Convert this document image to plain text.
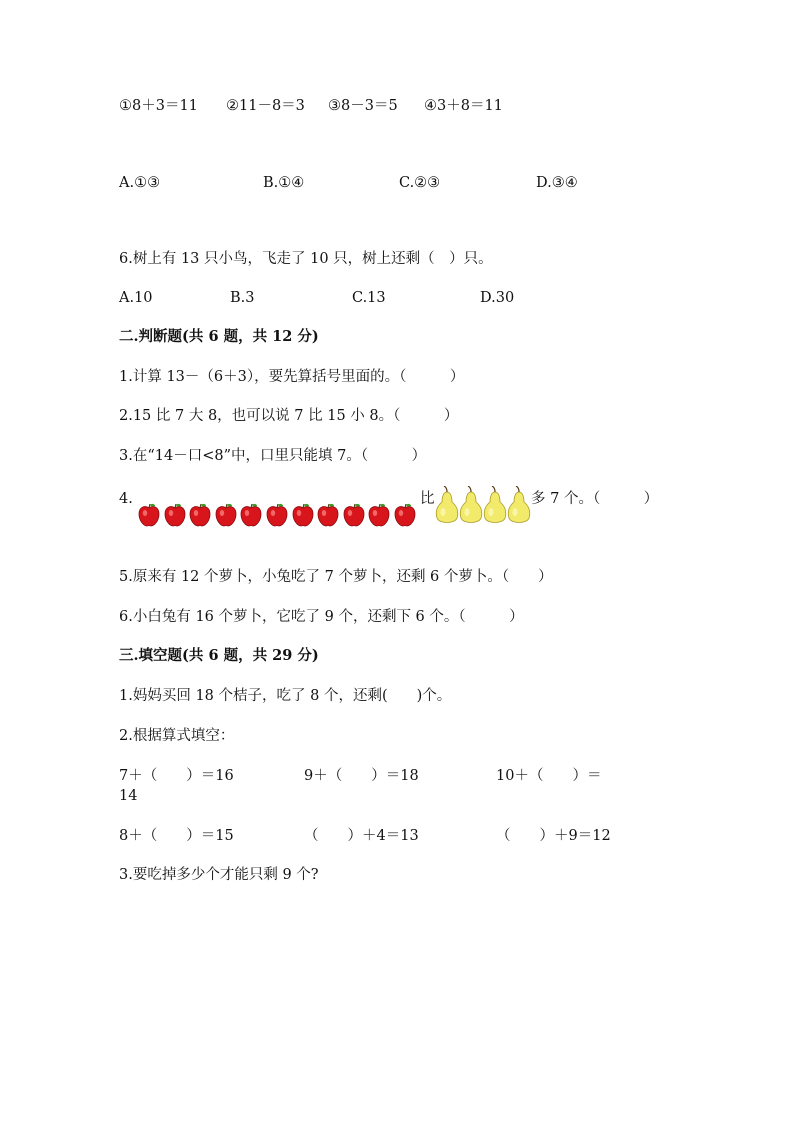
①8＋3＝11 ②11－8＝3 ③8－3＝5 ④3＋8＝11
A.①③	B.①④	C.②③	D.③④
6.树上有 13 只小鸟，飞走了 10 只，树上还剩（　）只。
A.10	B.3	C.13	D.30
二.判断题(共 6 题，共 12 分)
1.计算 13－（6＋3），要先算括号里面的。（　　　）
2.15 比 7 大 8，也可以说 7 比 15 小 8。（　　　）
3.在“14－口<8”中，口里只能填 7。（　　　）
4.	比	多 7 个。（　　　）
5.原来有 12 个萝卜，小兔吃了 7 个萝卜，还剩 6 个萝卜。（　　）
6.小白兔有 16 个萝卜，它吃了 9 个，还剩下 6 个。（　　　）
三.填空题(共 6 题，共 29 分)
1.妈妈买回 18 个桔子，吃了 8 个，还剩(　　)个。
2.根据算式填空：
7＋（　　）＝16	9＋（　　）＝18	10＋（　　）＝
14
8＋（　　）＝15	（　　）＋4＝13	（　　）＋9＝12
3.要吃掉多少个才能只剩 9 个?
